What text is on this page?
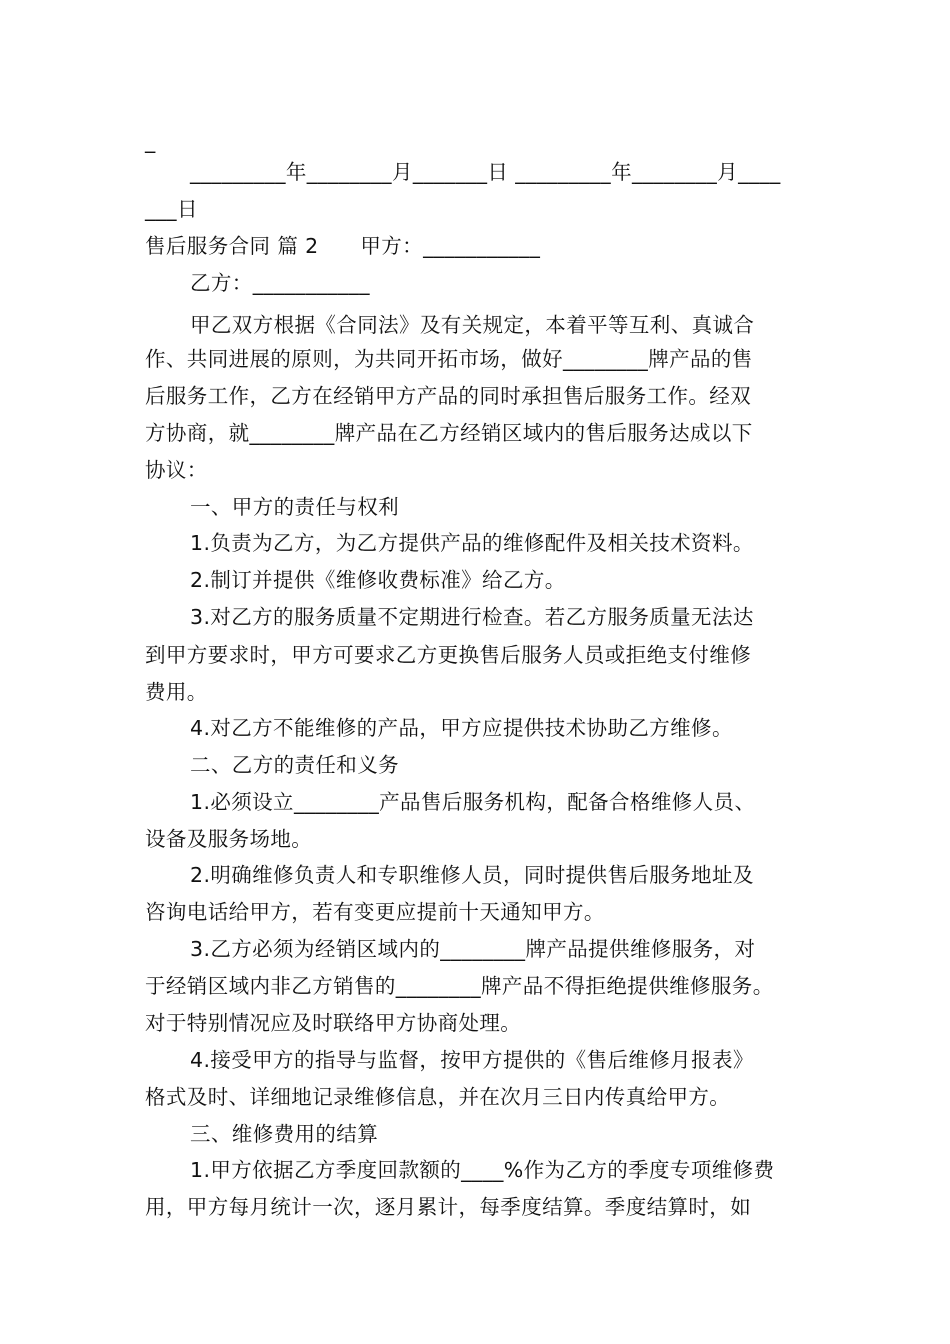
_
_________年________月_______日 _________年________月____
___日
售后服务合同 篇 2　　甲方：___________
乙方：___________
甲乙双方根据《合同法》及有关规定，本着平等互利、真诚合
作、共同进展的原则，为共同开拓市场，做好________牌产品的售
后服务工作，乙方在经销甲方产品的同时承担售后服务工作。经双
方协商，就________牌产品在乙方经销区域内的售后服务达成以下
协议：
一、甲方的责任与权利
1.负责为乙方，为乙方提供产品的维修配件及相关技术资料。
2.制订并提供《维修收费标准》给乙方。
3.对乙方的服务质量不定期进行检查。若乙方服务质量无法达
到甲方要求时，甲方可要求乙方更换售后服务人员或拒绝支付维修
费用。
4.对乙方不能维修的产品，甲方应提供技术协助乙方维修。
二、乙方的责任和义务
1.必须设立________产品售后服务机构，配备合格维修人员、
设备及服务场地。
2.明确维修负责人和专职维修人员，同时提供售后服务地址及
咨询电话给甲方，若有变更应提前十天通知甲方。
3.乙方必须为经销区域内的________牌产品提供维修服务，对
于经销区域内非乙方销售的________牌产品不得拒绝提供维修服务。
对于特别情况应及时联络甲方协商处理。
4.接受甲方的指导与监督，按甲方提供的《售后维修月报表》
格式及时、详细地记录维修信息，并在次月三日内传真给甲方。
三、维修费用的结算
1.甲方依据乙方季度回款额的____%作为乙方的季度专项维修费
用，甲方每月统计一次，逐月累计，每季度结算。季度结算时，如
